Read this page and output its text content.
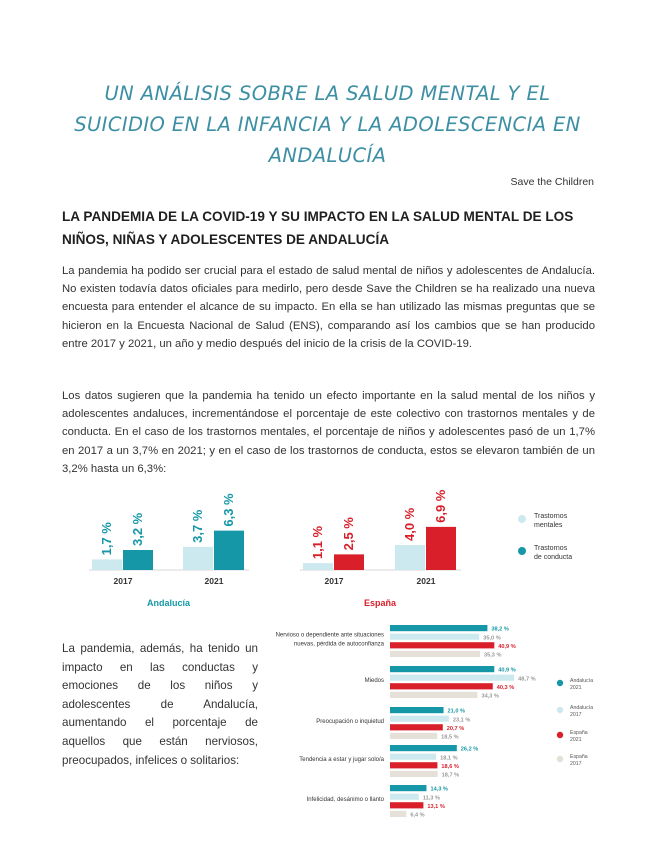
UN ANÁLISIS SOBRE LA SALUD MENTAL Y EL
SUICIDIO EN LA INFANCIA Y LA ADOLESCENCIA EN
ANDALUCÍA
Save the Children
LA PANDEMIA DE LA COVID-19 Y SU IMPACTO EN LA SALUD MENTAL DE LOS
NIÑOS, NIÑAS Y ADOLESCENTES DE ANDALUCÍA

La pandemia ha podido ser crucial para el estado de salud mental de niños y adolescentes de Andalucía. No existen todavía datos oficiales para medirlo, pero desde Save the Children se ha realizado una nueva encuesta para entender el alcance de su impacto. En ella se han utilizado las mismas preguntas que se hicieron en la Encuesta Nacional de Salud (ENS), comparando así los cambios que se han producido entre 2017 y 2021, un año y medio después del inicio de la crisis de la COVID-19.

Los datos sugieren que la pandemia ha tenido un efecto importante en la salud mental de los niños y adolescentes andaluces, incrementándose el porcentaje de este colectivo con trastornos mentales y de conducta. En el caso de los trastornos mentales, el porcentaje de niños y adolescentes pasó de un 1,7% en 2017 a un 3,7% en 2021; y en el caso de los trastornos de conducta, estos se elevaron también de un 3,2% hasta un 6,3%:

1,7 % 3,2 %
2017
3,7 % 6,3 %
2021
Andalucía
1,1 % 2,5 %
2017
4,0 %
6,9 %
2021
España
Trastornos
mentales
Trastornos
de conducta

La pandemia, además, ha tenido un impacto en las conductas y emociones de los niños y adolescentes de Andalucía, aumentando el porcentaje de aquellos que están nerviosos, preocupados, infelices o solitarios:

38,2 %
35,0 %
40,9 %
35,3 %
Nervioso o dependiente ante situaciones
nuevas, pérdida de autoconfianza
40,9 %
48,7 %
40,3 %
34,3 %
Miedos
21,0 %
23,1 %
20,7 %
18,5 %
Preocupación o inquietud
26,2 %
18,1 %
18,6 %
18,7 %
Tendencia a estar y jugar solo/a
14,3 %
11,3 %
13,1 %
6,4 %
Infelicidad, desánimo o llanto
Andalucía
2021
Andalucía
2017
España
2021
España
2017
